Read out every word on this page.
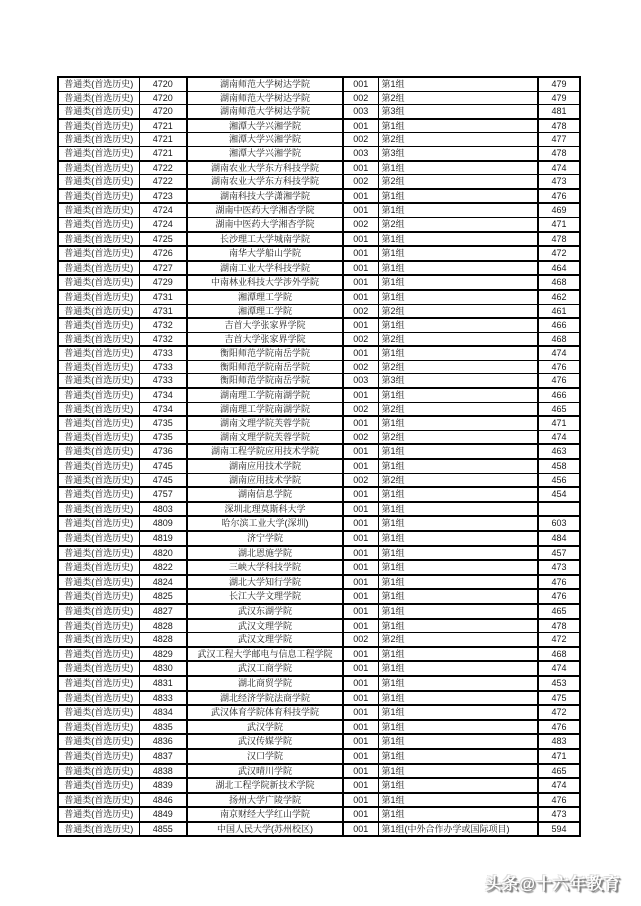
普通类(首选历史)	4720	湖南师范大学树达学院	001	第1组	479
普通类(首选历史)	4720	湖南师范大学树达学院	002	第2组	479
普通类(首选历史)	4720	湖南师范大学树达学院	003	第3组	481
普通类(首选历史)	4721	湘潭大学兴湘学院	001	第1组	478
普通类(首选历史)	4721	湘潭大学兴湘学院	002	第2组	477
普通类(首选历史)	4721	湘潭大学兴湘学院	003	第3组	478
普通类(首选历史)	4722	湖南农业大学东方科技学院	001	第1组	474
普通类(首选历史)	4722	湖南农业大学东方科技学院	002	第2组	473
普通类(首选历史)	4723	湖南科技大学潇湘学院	001	第1组	476
普通类(首选历史)	4724	湖南中医药大学湘杏学院	001	第1组	469
普通类(首选历史)	4724	湖南中医药大学湘杏学院	002	第2组	471
普通类(首选历史)	4725	长沙理工大学城南学院	001	第1组	478
普通类(首选历史)	4726	南华大学船山学院	001	第1组	472
普通类(首选历史)	4727	湖南工业大学科技学院	001	第1组	464
普通类(首选历史)	4729	中南林业科技大学涉外学院	001	第1组	468
普通类(首选历史)	4731	湘潭理工学院	001	第1组	462
普通类(首选历史)	4731	湘潭理工学院	002	第2组	461
普通类(首选历史)	4732	吉首大学张家界学院	001	第1组	466
普通类(首选历史)	4732	吉首大学张家界学院	002	第2组	468
普通类(首选历史)	4733	衡阳师范学院南岳学院	001	第1组	474
普通类(首选历史)	4733	衡阳师范学院南岳学院	002	第2组	476
普通类(首选历史)	4733	衡阳师范学院南岳学院	003	第3组	476
普通类(首选历史)	4734	湖南理工学院南湖学院	001	第1组	466
普通类(首选历史)	4734	湖南理工学院南湖学院	002	第2组	465
普通类(首选历史)	4735	湖南文理学院芙蓉学院	001	第1组	471
普通类(首选历史)	4735	湖南文理学院芙蓉学院	002	第2组	474
普通类(首选历史)	4736	湖南工程学院应用技术学院	001	第1组	463
普通类(首选历史)	4745	湖南应用技术学院	001	第1组	458
普通类(首选历史)	4745	湖南应用技术学院	002	第2组	456
普通类(首选历史)	4757	湖南信息学院	001	第1组	454
普通类(首选历史)	4803	深圳北理莫斯科大学	001	第1组	
普通类(首选历史)	4809	哈尔滨工业大学(深圳)	001	第1组	603
普通类(首选历史)	4819	济宁学院	001	第1组	484
普通类(首选历史)	4820	湖北恩施学院	001	第1组	457
普通类(首选历史)	4822	三峡大学科技学院	001	第1组	473
普通类(首选历史)	4824	湖北大学知行学院	001	第1组	476
普通类(首选历史)	4825	长江大学文理学院	001	第1组	476
普通类(首选历史)	4827	武汉东湖学院	001	第1组	465
普通类(首选历史)	4828	武汉文理学院	001	第1组	478
普通类(首选历史)	4828	武汉文理学院	002	第2组	472
普通类(首选历史)	4829	武汉工程大学邮电与信息工程学院	001	第1组	468
普通类(首选历史)	4830	武汉工商学院	001	第1组	474
普通类(首选历史)	4831	湖北商贸学院	001	第1组	453
普通类(首选历史)	4833	湖北经济学院法商学院	001	第1组	475
普通类(首选历史)	4834	武汉体育学院体育科技学院	001	第1组	472
普通类(首选历史)	4835	武汉学院	001	第1组	476
普通类(首选历史)	4836	武汉传媒学院	001	第1组	483
普通类(首选历史)	4837	汉口学院	001	第1组	471
普通类(首选历史)	4838	武汉晴川学院	001	第1组	465
普通类(首选历史)	4839	湖北工程学院新技术学院	001	第1组	474
普通类(首选历史)	4846	扬州大学广陵学院	001	第1组	476
普通类(首选历史)	4849	南京财经大学红山学院	001	第1组	473
普通类(首选历史)	4855	中国人民大学(苏州校区)	001	第1组(中外合作办学或国际项目)	594
头条@十六年教育
